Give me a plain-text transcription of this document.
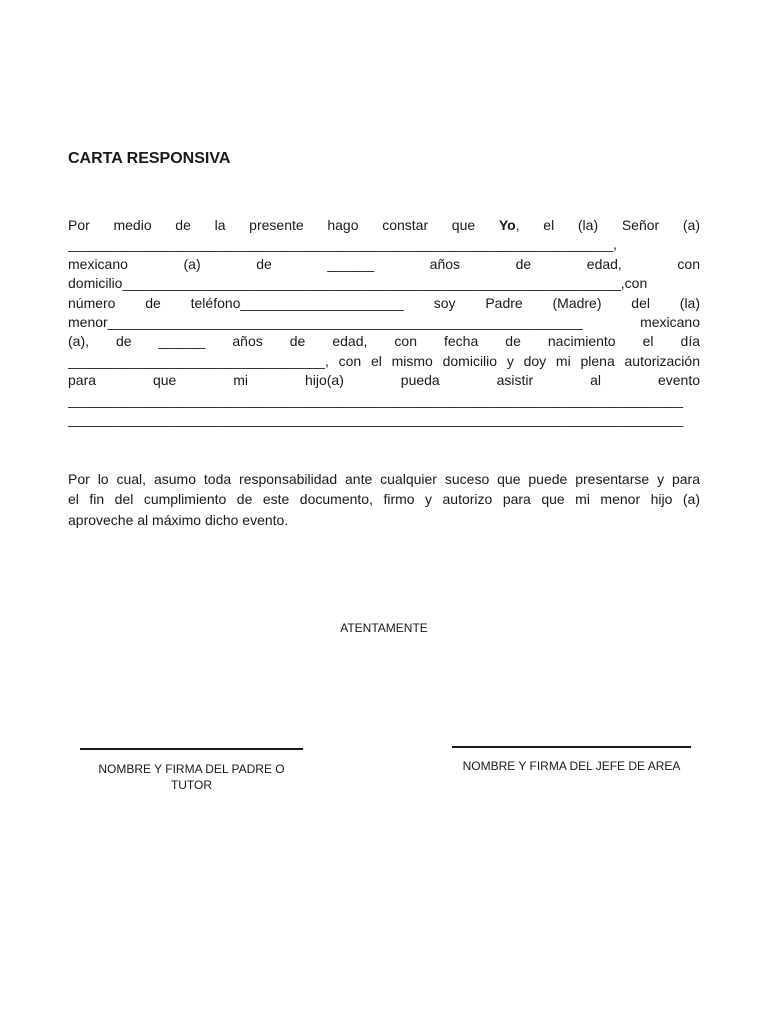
CARTA RESPONSIVA
Por medio de la presente hago constar que Yo, el (la) Señor (a)
______________________________________________________________________,
mexicano (a) de ______ años de edad, con
domicilio________________________________________________________________,con
número de teléfono_____________________ soy Padre (Madre) del (la)
menor_____________________________________________________________ mexicano
(a), de ______ años de edad, con fecha de nacimiento el día
_________________________________, con el mismo domicilio y doy mi plena autorización
para que mi hijo(a) pueda asistir al evento
_______________________________________________________________________________
_______________________________________________________________________________
Por lo cual, asumo toda responsabilidad ante cualquier suceso que puede presentarse y para
el fin del cumplimiento de este documento, firmo y autorizo para que mi menor hijo (a)
aproveche al máximo dicho evento.
ATENTAMENTE
NOMBRE Y FIRMA DEL PADRE O
TUTOR
NOMBRE Y FIRMA DEL JEFE DE AREA
